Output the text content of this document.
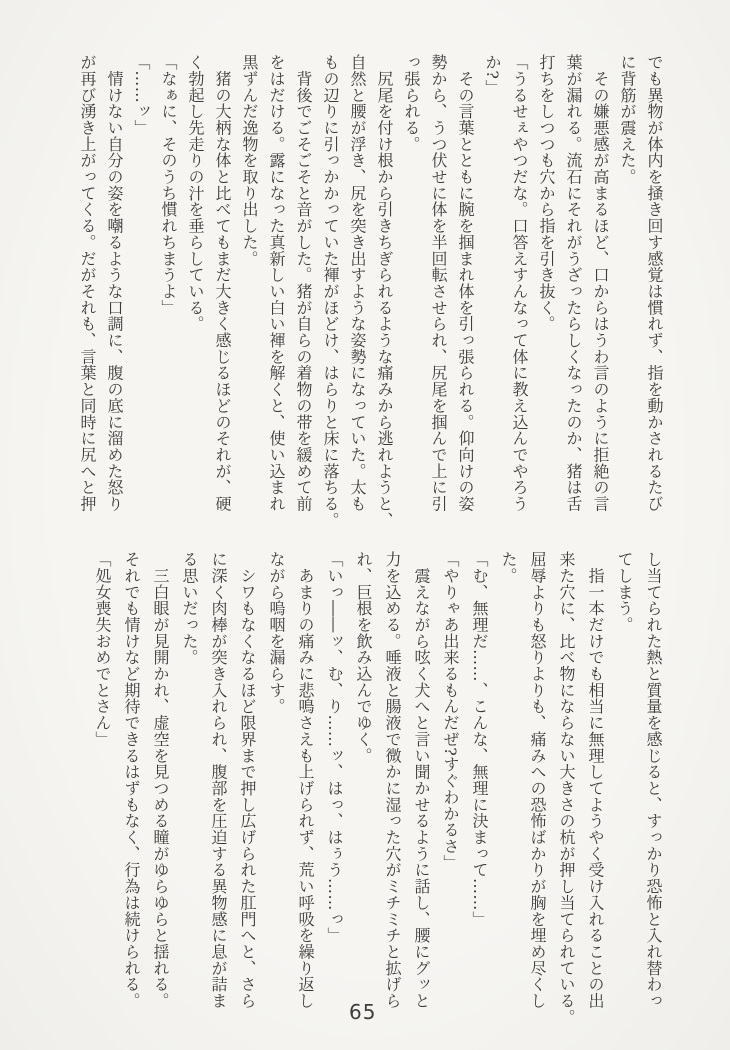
でも異物が体内を掻き回す感覚は慣れず、指を動かされるたび

に背筋が震えた。

　その嫌悪感が高まるほど、口からはうわ言のように拒絶の言

葉が漏れる。流石にそれがうざったらしくなったのか、猪は舌

打ちをしつつも穴から指を引き抜く。

「うるせぇやつだな。口答えすんなって体に教え込んでやろう

か?」

　その言葉とともに腕を掴まれ体を引っ張られる。仰向けの姿

勢から、うつ伏せに体を半回転させられ、尻尾を掴んで上に引

っ張られる。

　尻尾を付け根から引きちぎられるような痛みから逃れようと、

自然と腰が浮き、尻を突き出すような姿勢になっていた。太も

もの辺りに引っかかっていた褌がほどけ、はらりと床に落ちる。

　背後でごそごそと音がした。猪が自らの着物の帯を緩めて前

をはだける。露になった真新しい白い褌を解くと、使い込まれ

黒ずんだ逸物を取り出した。

　猪の大柄な体と比べてもまだ大きく感じるほどのそれが、硬

く勃起し先走りの汁を垂らしている。

「なぁに、そのうち慣れちまうよ」

「……ッ」

　情けない自分の姿を嘲るような口調に、腹の底に溜めた怒り

が再び湧き上がってくる。だがそれも、言葉と同時に尻へと押

し当てられた熱と質量を感じると、すっかり恐怖と入れ替わっ

てしまう。

　指一本だけでも相当に無理してようやく受け入れることの出

来た穴に、比べ物にならない大きさの杭が押し当てられている。

屈辱よりも怒りよりも、痛みへの恐怖ばかりが胸を埋め尽くし

た。

「む、無理だ……、こんな、無理に決まって……」

「やりゃあ出来るもんだぜ?すぐわかるさ」

　震えながら呟く犬へと言い聞かせるように話し、腰にグッと

力を込める。唾液と腸液で微かに湿った穴がミチミチと拡げら

れ、巨根を飲み込んでゆく。

「いっ――ッ、む、り……ッ、はっ、はぅう……っ」

　あまりの痛みに悲鳴さえも上げられず、荒い呼吸を繰り返し

ながら嗚咽を漏らす。

　シワもなくなるほど限界まで押し広げられた肛門へと、さら

に深く肉棒が突き入れられ、腹部を圧迫する異物感に息が詰ま

る思いだった。

　三白眼が見開かれ、虚空を見つめる瞳がゆらゆらと揺れる。

それでも情けなど期待できるはずもなく、行為は続けられる。

「処女喪失おめでとさん」

65
